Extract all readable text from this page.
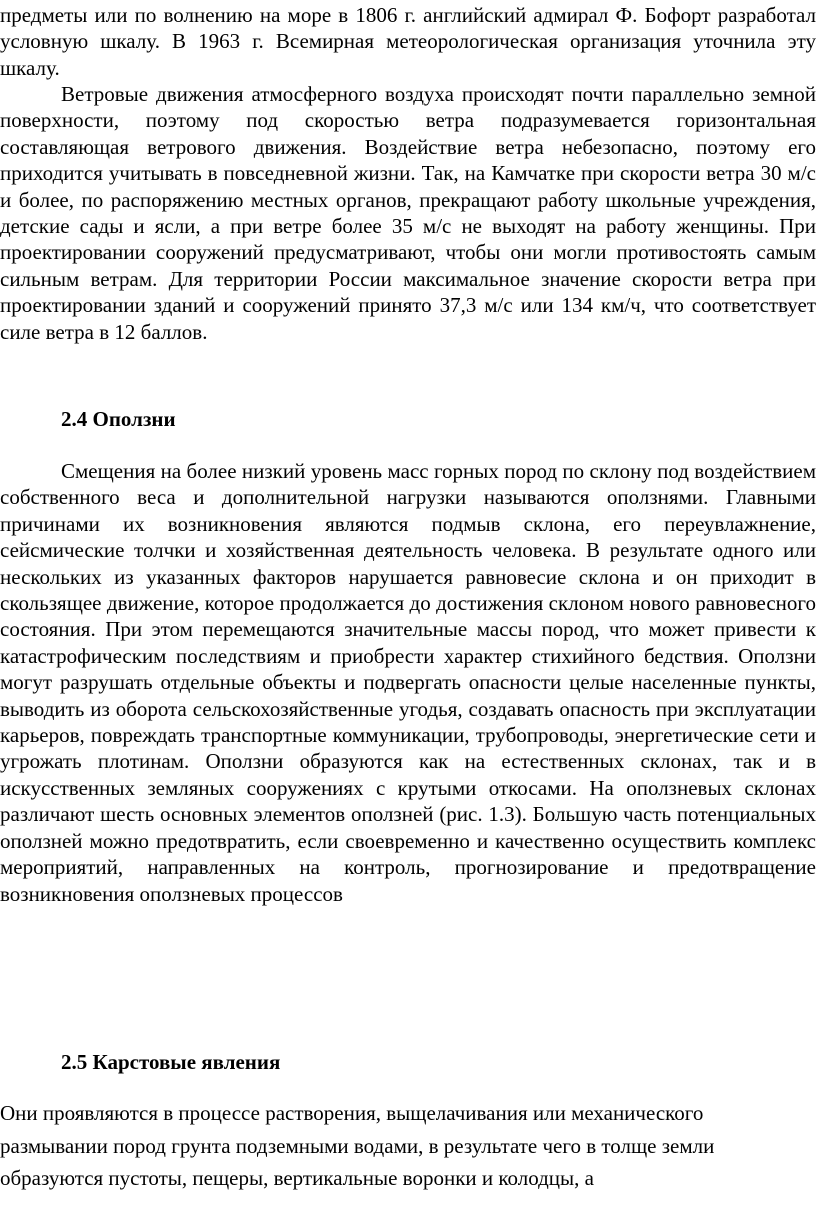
предметы или по волнению на море в 1806 г. английский адмирал Ф. Бофорт разработал условную шкалу. В 1963 г. Всемирная метеорологическая организация уточнила эту шкалу.

Ветровые движения атмосферного воздуха происходят почти параллельно земной поверхности, поэтому под скоростью ветра подразумевается горизонтальная составляющая ветрового движения. Воздействие ветра небезопасно, поэтому его приходится учитывать в повседневной жизни. Так, на Камчатке при скорости ветра 30 м/с и более, по распоряжению местных органов, прекращают работу школьные учреждения, детские сады и ясли, а при ветре более 35 м/с не выходят на работу женщины. При проектировании сооружений предусматривают, чтобы они могли противостоять самым сильным ветрам. Для территории России максимальное значение скорости ветра при проектировании зданий и сооружений принято 37,3 м/с или 134 км/ч, что соответствует силе ветра в 12 баллов.

2.4 Оползни

Смещения на более низкий уровень масс горных пород по склону под воздействием собственного веса и дополнительной нагрузки называются оползнями. Главными причинами их возникновения являются подмыв склона, его переувлажнение, сейсмические толчки и хозяйственная деятельность человека. В результате одного или нескольких из указанных факторов нарушается равновесие склона и он приходит в скользящее движение, которое продолжается до достижения склоном нового равновесного состояния. При этом перемещаются значительные массы пород, что может привести к катастрофическим последствиям и приобрести характер стихийного бедствия. Оползни могут разрушать отдельные объекты и подвергать опасности целые населенные пункты, выводить из оборота сельскохозяйственные угодья, создавать опасность при эксплуатации карьеров, повреждать транспортные коммуникации, трубопроводы, энергетические сети и угрожать плотинам. Оползни образуются как на естественных склонах, так и в искусственных земляных сооружениях с крутыми откосами. На оползневых склонах различают шесть основных элементов оползней (рис. 1.3). Большую часть потенциальных оползней можно предотвратить, если своевременно и качественно осуществить комплекс мероприятий, направленных на контроль, прогнозирование и предотвращение возникновения оползневых процессов

2.5 Карстовые явления

Они проявляются в процессе растворения, выщелачивания или механического размывании пород грунта подземными водами, в результате чего в толще земли образуются пустоты, пещеры, вертикальные воронки и колодцы, а
